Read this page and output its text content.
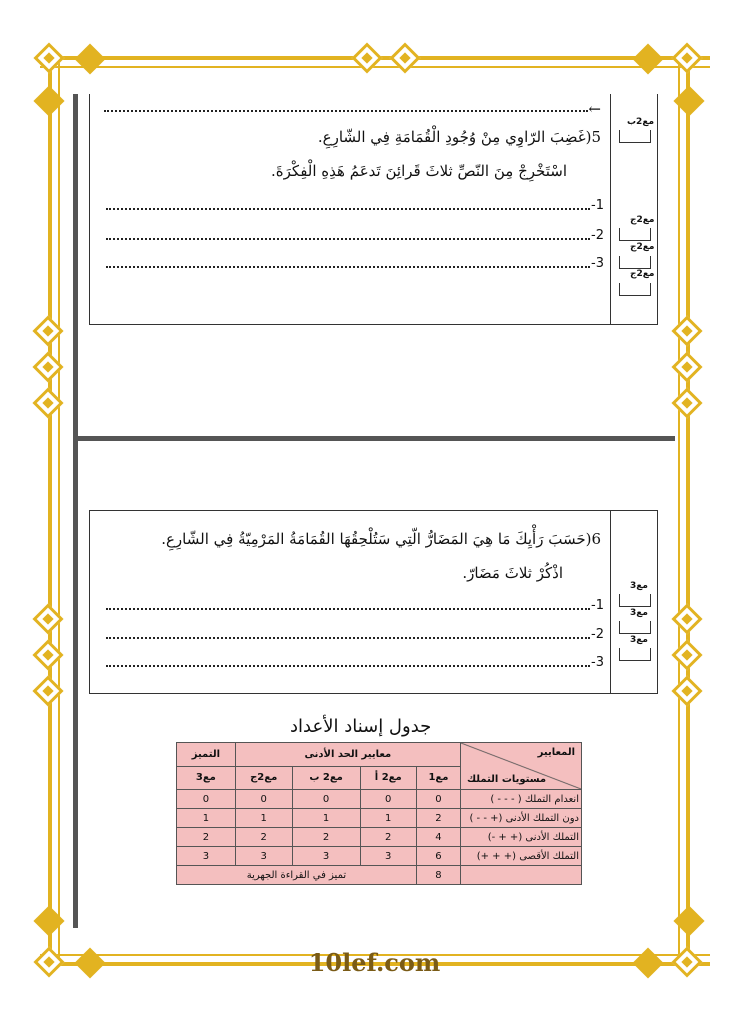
←
5(غَضِبَ الرّاوِي مِنْ وُجُودِ الْقُمَامَةِ فِي الشّارِعِ.
اسْتَخْرِجْ مِنَ النّصِّ ثلاثَ قَرائِنَ تَدعَمُ هَذِهِ الْفِكْرَةَ.
-1
-2
-3
مع2ب
مع2ج
مع2ج
مع2ج
6(حَسَبَ رَأْيِكَ مَا هِيَ المَضَارُّ الّتِي سَتُلْحِقُهَا القُمَامَةُ المَرْمِيّةُ فِي الشّارِعِ.
اذْكُرْ ثلاثَ مَضَارّ.
-1
-2
-3
مع3
مع3
مع3
جدول إسناد الأعداد
المعايير
مستويات التملك	معايير الحد الأدنى				التميز
	مع1	مع2 أ	مع2 ب	مع2ج	مع3
انعدام التملك ( - - - )	0	0	0	0	0
دون التملك الأدنى (+ - - )	2	1	1	1	1
التملك الأدنى (+ + -)	4	2	2	2	2
التملك الأقصى (+ + +)	6	3	3	3	3
	8	تميز في القراءة الجهرية			
10lef.com
